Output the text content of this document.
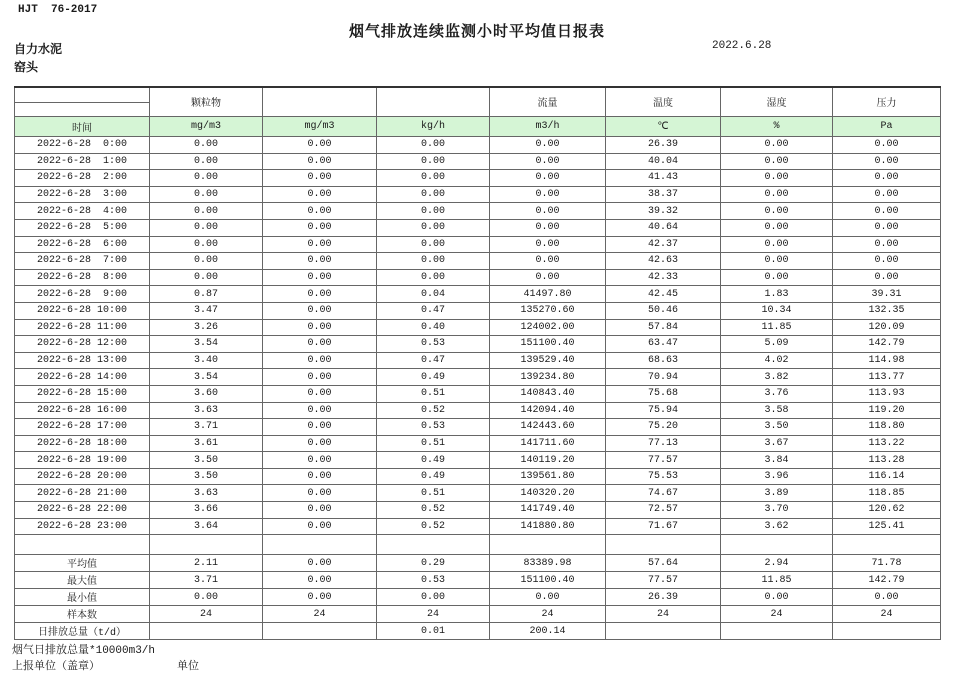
HJT  76-2017
烟气排放连续监测小时平均值日报表
自力水泥
窑头
2022.6.28
	颗粒物			流量	温度	湿度	压力

时间	mg/m3	mg/m3	kg/h	m3/h	℃	%	Pa
2022-6-28  0:00	0.00	0.00	0.00	0.00	26.39	0.00	0.00
2022-6-28  1:00	0.00	0.00	0.00	0.00	40.04	0.00	0.00
2022-6-28  2:00	0.00	0.00	0.00	0.00	41.43	0.00	0.00
2022-6-28  3:00	0.00	0.00	0.00	0.00	38.37	0.00	0.00
2022-6-28  4:00	0.00	0.00	0.00	0.00	39.32	0.00	0.00
2022-6-28  5:00	0.00	0.00	0.00	0.00	40.64	0.00	0.00
2022-6-28  6:00	0.00	0.00	0.00	0.00	42.37	0.00	0.00
2022-6-28  7:00	0.00	0.00	0.00	0.00	42.63	0.00	0.00
2022-6-28  8:00	0.00	0.00	0.00	0.00	42.33	0.00	0.00
2022-6-28  9:00	0.87	0.00	0.04	41497.80	42.45	1.83	39.31
2022-6-28 10:00	3.47	0.00	0.47	135270.60	50.46	10.34	132.35
2022-6-28 11:00	3.26	0.00	0.40	124002.00	57.84	11.85	120.09
2022-6-28 12:00	3.54	0.00	0.53	151100.40	63.47	5.09	142.79
2022-6-28 13:00	3.40	0.00	0.47	139529.40	68.63	4.02	114.98
2022-6-28 14:00	3.54	0.00	0.49	139234.80	70.94	3.82	113.77
2022-6-28 15:00	3.60	0.00	0.51	140843.40	75.68	3.76	113.93
2022-6-28 16:00	3.63	0.00	0.52	142094.40	75.94	3.58	119.20
2022-6-28 17:00	3.71	0.00	0.53	142443.60	75.20	3.50	118.80
2022-6-28 18:00	3.61	0.00	0.51	141711.60	77.13	3.67	113.22
2022-6-28 19:00	3.50	0.00	0.49	140119.20	77.57	3.84	113.28
2022-6-28 20:00	3.50	0.00	0.49	139561.80	75.53	3.96	116.14
2022-6-28 21:00	3.63	0.00	0.51	140320.20	74.67	3.89	118.85
2022-6-28 22:00	3.66	0.00	0.52	141749.40	72.57	3.70	120.62
2022-6-28 23:00	3.64	0.00	0.52	141880.80	71.67	3.62	125.41

平均值	2.11	0.00	0.29	83389.98	57.64	2.94	71.78
最大值	3.71	0.00	0.53	151100.40	77.57	11.85	142.79
最小值	0.00	0.00	0.00	0.00	26.39	0.00	0.00
样本数	24	24	24	24	24	24	24
日排放总量（t/d）			0.01	200.14			
烟气日排放总量*10000m3/h
上报单位（盖章）	单位
